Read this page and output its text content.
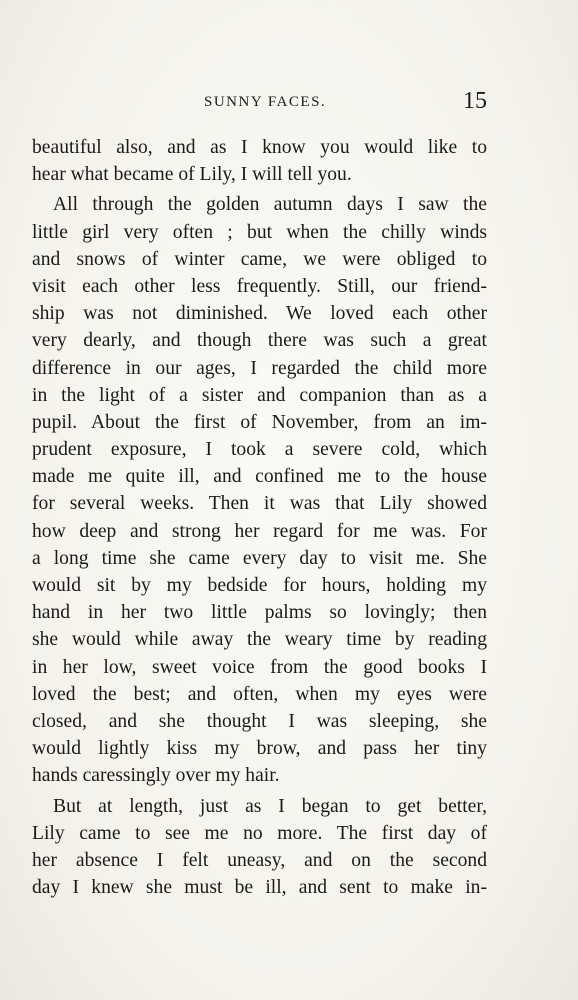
SUNNY FACES.	15
beautiful also, and as I know you would like to
hear what became of Lily, I will tell you.
All through the golden autumn days I saw the
little girl very often ; but when the chilly winds
and snows of winter came, we were obliged to
visit each other less frequently. Still, our friend-
ship was not diminished. We loved each other
very dearly, and though there was such a great
difference in our ages, I regarded the child more
in the light of a sister and companion than as a
pupil. About the first of November, from an im-
prudent exposure, I took a severe cold, which
made me quite ill, and confined me to the house
for several weeks. Then it was that Lily showed
how deep and strong her regard for me was. For
a long time she came every day to visit me. She
would sit by my bedside for hours, holding my
hand in her two little palms so lovingly; then
she would while away the weary time by reading
in her low, sweet voice from the good books I
loved the best; and often, when my eyes were
closed, and she thought I was sleeping, she
would lightly kiss my brow, and pass her tiny
hands caressingly over my hair.
But at length, just as I began to get better,
Lily came to see me no more. The first day of
her absence I felt uneasy, and on the second
day I knew she must be ill, and sent to make in-
